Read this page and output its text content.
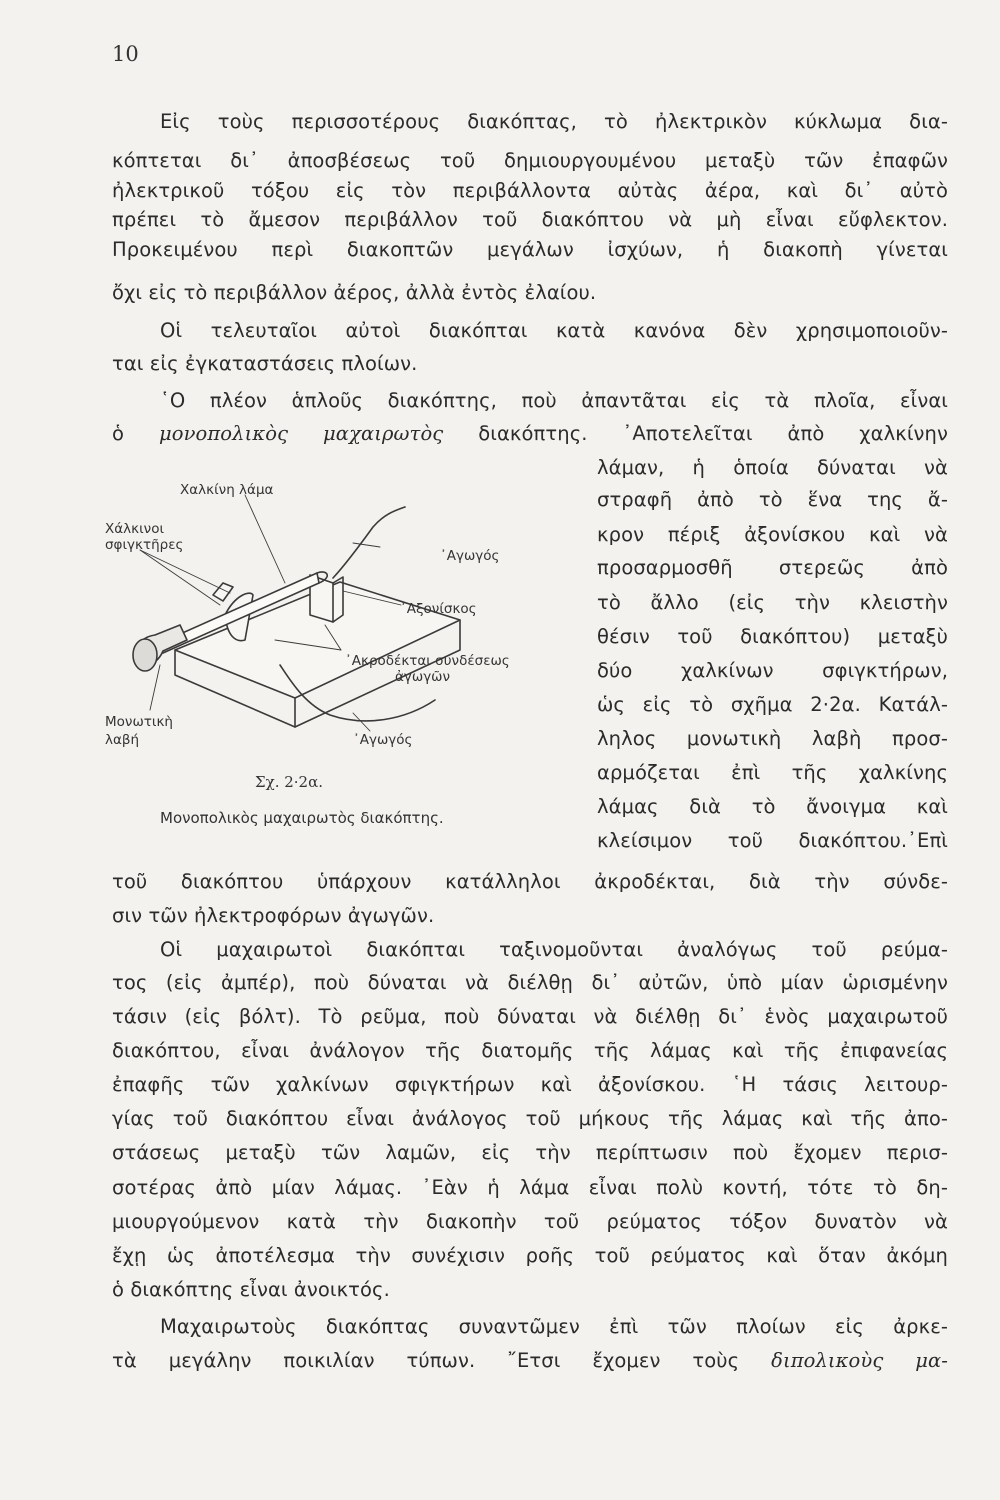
10
Εἰς τοὺς περισσοτέρους διακόπτας, τὸ ἠλεκτρικὸν κύκλωμα δια-
κόπτεται δι᾿ ἀποσβέσεως τοῦ δημιουργουμένου μεταξὺ τῶν ἐπαφῶν
ἠλεκτρικοῦ τόξου εἰς τὸν περιβάλλοντα αὐτὰς ἀέρα, καὶ δι᾿ αὐτὸ
πρέπει τὸ ἄμεσον περιβάλλον τοῦ διακόπτου νὰ μὴ εἶναι εὔφλεκτον.
Προκειμένου περὶ διακοπτῶν μεγάλων ἰσχύων, ἡ διακοπὴ γίνεται
ὄχι εἰς τὸ περιβάλλον ἀέρος, ἀλλὰ ἐντὸς ἐλαίου.
Οἱ τελευταῖοι αὐτοὶ διακόπται κατὰ κανόνα δὲν χρησιμοποιοῦν-
ται εἰς ἐγκαταστάσεις πλοίων.
῾Ο πλέον ἁπλοῦς διακόπτης, ποὺ ἀπαντᾶται εἰς τὰ πλοῖα, εἶναι
ὁ μονοπολικὸς μαχαιρωτὸς διακόπτης. ᾿Αποτελεῖται ἀπὸ χαλκίνην
λάμαν, ἡ ὁποία δύναται νὰ
στραφῆ ἀπὸ τὸ ἕνα της ἄ-
κρον πέριξ ἀξονίσκου καὶ νὰ
προσαρμοσθῆ στερεῶς ἀπὸ
τὸ ἄλλο (εἰς τὴν κλειστὴν
θέσιν τοῦ διακόπτου) μεταξὺ
δύο χαλκίνων σφιγκτήρων,
ὡς εἰς τὸ σχῆμα 2·2α. Κατάλ-
ληλος μονωτικὴ λαβὴ προσ-
αρμόζεται ἐπὶ τῆς χαλκίνης
λάμας διὰ τὸ ἄνοιγμα καὶ
κλείσιμον τοῦ διακόπτου.᾿Επὶ
τοῦ διακόπτου ὑπάρχουν κατάλληλοι ἀκροδέκται, διὰ τὴν σύνδε-
σιν τῶν ἠλεκτροφόρων ἀγωγῶν.
Οἱ μαχαιρωτοὶ διακόπται ταξινομοῦνται ἀναλόγως τοῦ ρεύμα-
τος (εἰς ἀμπέρ), ποὺ δύναται νὰ διέλθῃ δι᾿ αὐτῶν, ὑπὸ μίαν ὡρισμένην
τάσιν (εἰς βόλτ). Τὸ ρεῦμα, ποὺ δύναται νὰ διέλθῃ δι᾿ ἑνὸς μαχαιρωτοῦ
διακόπτου, εἶναι ἀνάλογον τῆς διατομῆς τῆς λάμας καὶ τῆς ἐπιφανείας
ἐπαφῆς τῶν χαλκίνων σφιγκτήρων καὶ ἀξονίσκου. ῾Η τάσις λειτουρ-
γίας τοῦ διακόπτου εἶναι ἀνάλογος τοῦ μήκους τῆς λάμας καὶ τῆς ἀπο-
στάσεως μεταξὺ τῶν λαμῶν, εἰς τὴν περίπτωσιν ποὺ ἔχομεν περισ-
σοτέρας ἀπὸ μίαν λάμας. ᾿Εὰν ἡ λάμα εἶναι πολὺ κοντή, τότε τὸ δη-
μιουργούμενον κατὰ τὴν διακοπὴν τοῦ ρεύματος τόξον δυνατὸν νὰ
ἔχῃ ὡς ἀποτέλεσμα τὴν συνέχισιν ροῆς τοῦ ρεύματος καὶ ὅταν ἀκόμη
ὁ διακόπτης εἶναι ἀνοικτός.
Μαχαιρωτοὺς διακόπτας συναντῶμεν ἐπὶ τῶν πλοίων εἰς ἀρκε-
τὰ μεγάλην ποικιλίαν τύπων. ῎Ετσι ἔχομεν τοὺς διπολικοὺς μα-
Χαλκίνη λάμα
Χάλκινοι
σφιγκτῆρες
᾿Αγωγός
᾿Αξονίσκος
᾿Ακροδέκται συνδέσεως
ἀγωγῶν
Μονωτικὴ
λαβή	᾿Αγωγός
Σχ. 2·2α.
Μονοπολικὸς μαχαιρωτὸς διακόπτης.
